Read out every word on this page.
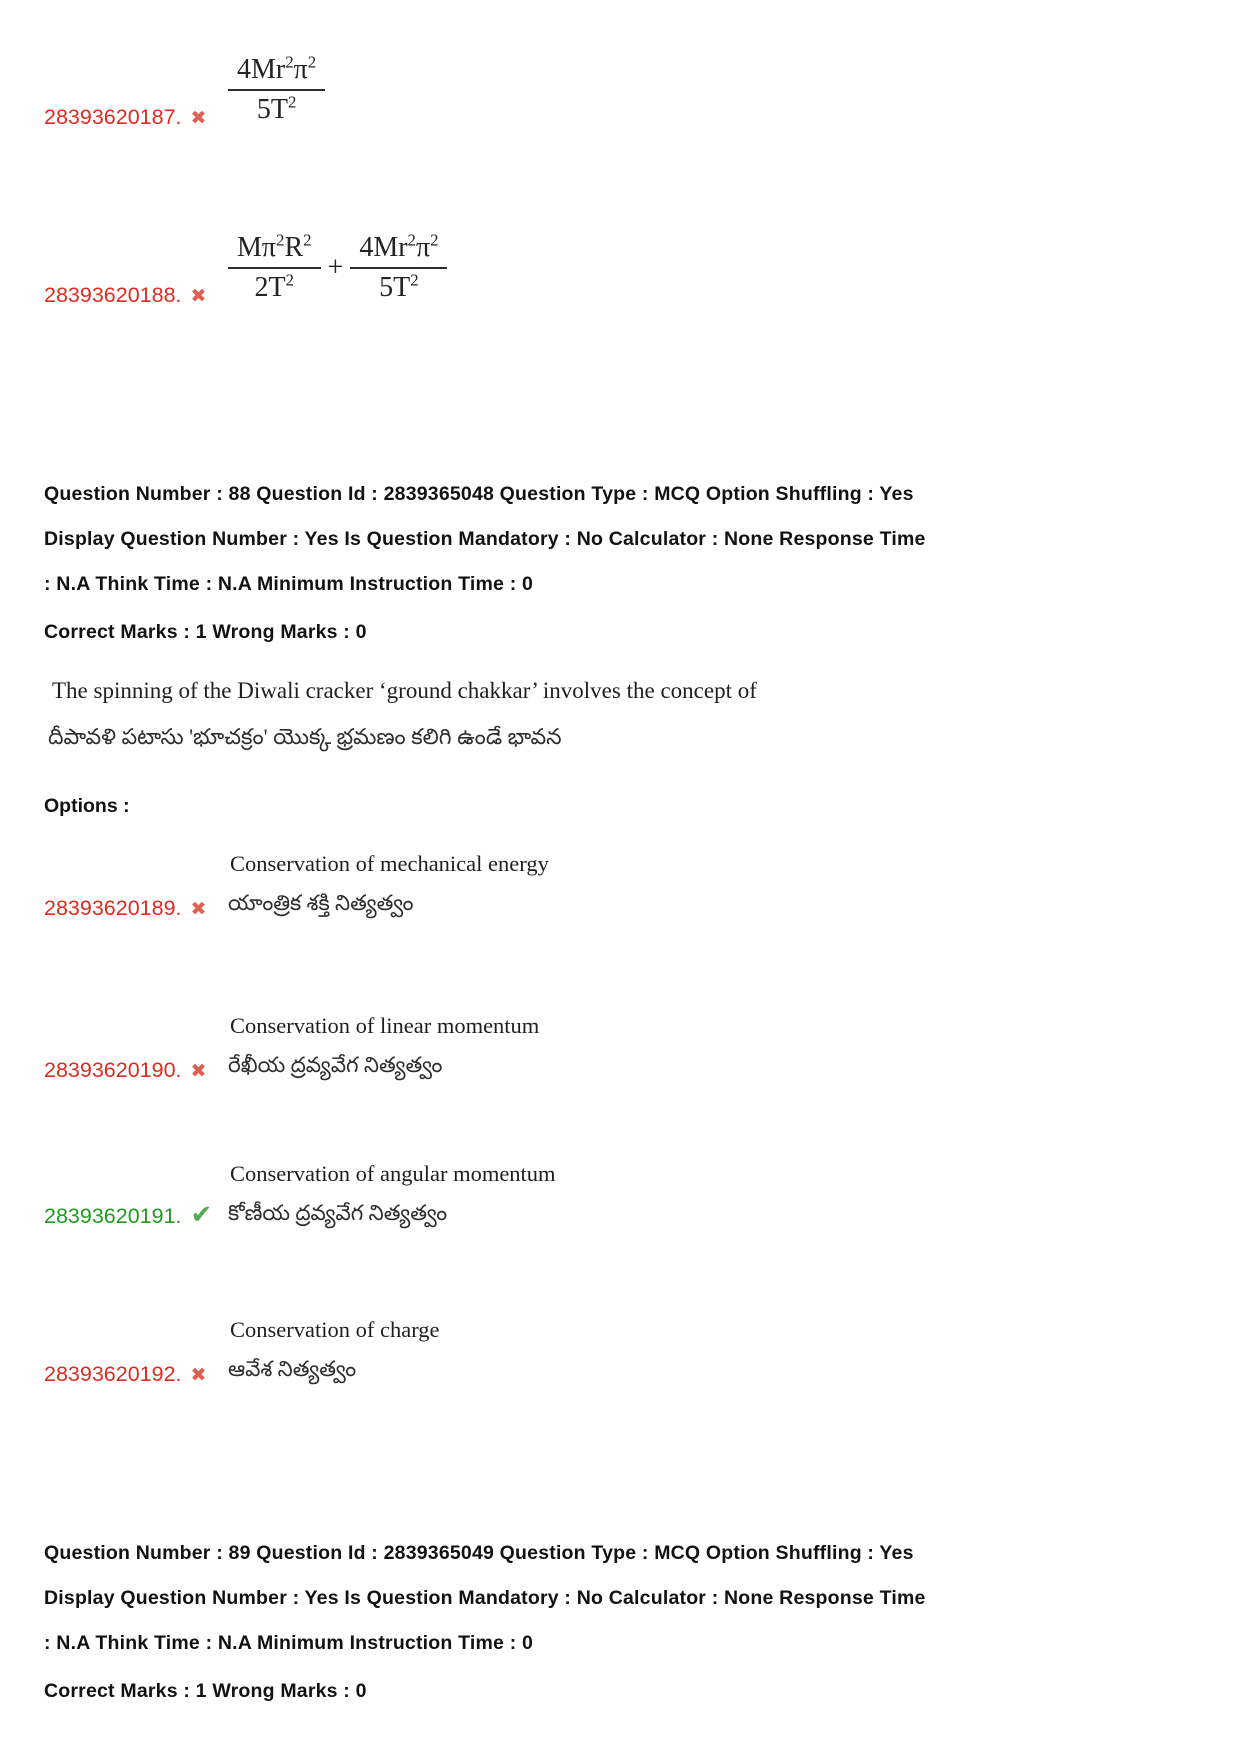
28393620187. ✖ $\frac{4Mr^2\pi^2}{5T^2}$
28393620188. ✖ $\frac{M\pi^2R^2}{2T^2} + \frac{4Mr^2\pi^2}{5T^2}$
Question Number : 88 Question Id : 2839365048 Question Type : MCQ Option Shuffling : Yes
Display Question Number : Yes Is Question Mandatory : No Calculator : None Response Time
: N.A Think Time : N.A Minimum Instruction Time : 0
Correct Marks : 1 Wrong Marks : 0
The spinning of the Diwali cracker ‘ground chakkar’ involves the concept of
దీపావళి పటాసు 'భూచక్రం' యొక్క భ్రమణం కలిగి ఉండే భావన
Options :
28393620189. ✖
Conservation of mechanical energy
యాంత్రిక శక్తి నిత్యత్వం
28393620190. ✖
Conservation of linear momentum
రేఖీయ ద్రవ్యవేగ నిత్యత్వం
28393620191. ✔
Conservation of angular momentum
కోణీయ ద్రవ్యవేగ నిత్యత్వం
28393620192. ✖
Conservation of charge
ఆవేశ నిత్యత్వం
Question Number : 89 Question Id : 2839365049 Question Type : MCQ Option Shuffling : Yes
Display Question Number : Yes Is Question Mandatory : No Calculator : None Response Time
: N.A Think Time : N.A Minimum Instruction Time : 0
Correct Marks : 1 Wrong Marks : 0
